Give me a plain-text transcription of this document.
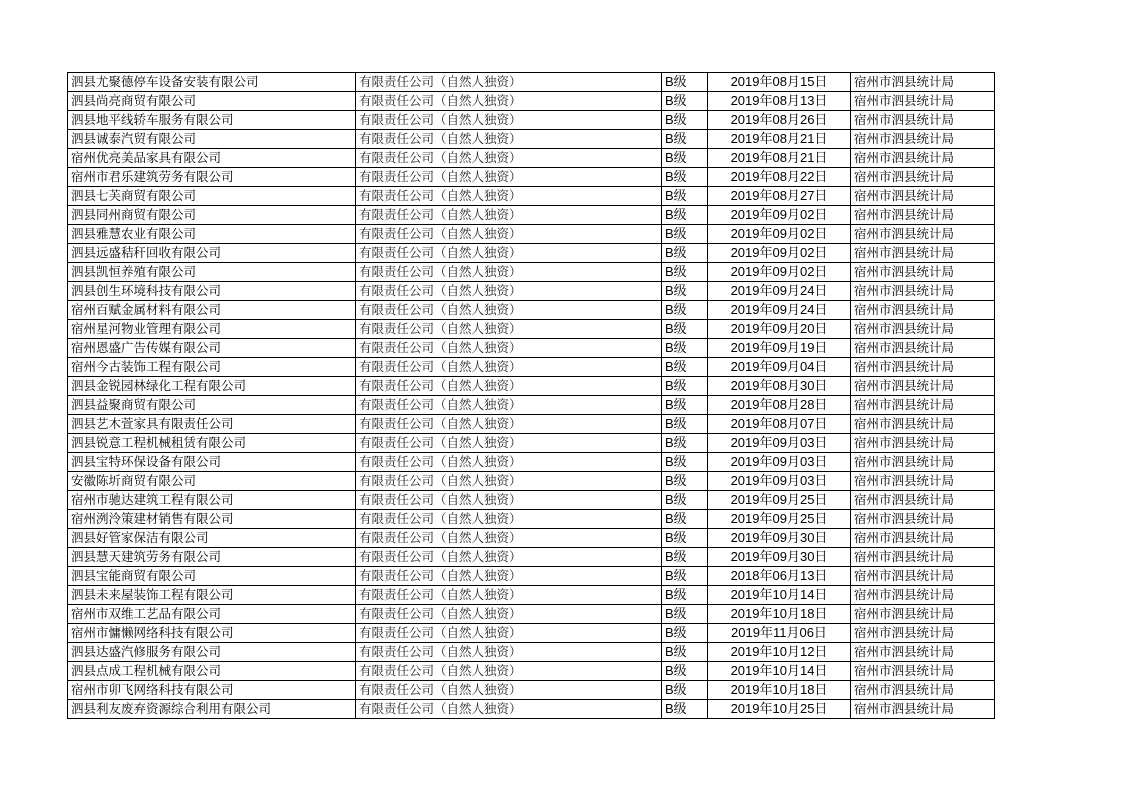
泗县尤聚德停车设备安装有限公司	有限责任公司（自然人独资）	B级	2019年08月15日	宿州市泗县统计局
泗县尚亮商贸有限公司	有限责任公司（自然人独资）	B级	2019年08月13日	宿州市泗县统计局
泗县地平线轿车服务有限公司	有限责任公司（自然人独资）	B级	2019年08月26日	宿州市泗县统计局
泗县诚泰汽贸有限公司	有限责任公司（自然人独资）	B级	2019年08月21日	宿州市泗县统计局
宿州优亮美品家具有限公司	有限责任公司（自然人独资）	B级	2019年08月21日	宿州市泗县统计局
宿州市君乐建筑劳务有限公司	有限责任公司（自然人独资）	B级	2019年08月22日	宿州市泗县统计局
泗县七芙商贸有限公司	有限责任公司（自然人独资）	B级	2019年08月27日	宿州市泗县统计局
泗县同州商贸有限公司	有限责任公司（自然人独资）	B级	2019年09月02日	宿州市泗县统计局
泗县雅慧农业有限公司	有限责任公司（自然人独资）	B级	2019年09月02日	宿州市泗县统计局
泗县远盛秸秆回收有限公司	有限责任公司（自然人独资）	B级	2019年09月02日	宿州市泗县统计局
泗县凯恒养殖有限公司	有限责任公司（自然人独资）	B级	2019年09月02日	宿州市泗县统计局
泗县创生环境科技有限公司	有限责任公司（自然人独资）	B级	2019年09月24日	宿州市泗县统计局
宿州百赋金属材料有限公司	有限责任公司（自然人独资）	B级	2019年09月24日	宿州市泗县统计局
宿州星河物业管理有限公司	有限责任公司（自然人独资）	B级	2019年09月20日	宿州市泗县统计局
宿州恩盛广告传媒有限公司	有限责任公司（自然人独资）	B级	2019年09月19日	宿州市泗县统计局
宿州今古装饰工程有限公司	有限责任公司（自然人独资）	B级	2019年09月04日	宿州市泗县统计局
泗县金锐园林绿化工程有限公司	有限责任公司（自然人独资）	B级	2019年08月30日	宿州市泗县统计局
泗县益聚商贸有限公司	有限责任公司（自然人独资）	B级	2019年08月28日	宿州市泗县统计局
泗县艺木萱家具有限责任公司	有限责任公司（自然人独资）	B级	2019年08月07日	宿州市泗县统计局
泗县锐意工程机械租赁有限公司	有限责任公司（自然人独资）	B级	2019年09月03日	宿州市泗县统计局
泗县宝特环保设备有限公司	有限责任公司（自然人独资）	B级	2019年09月03日	宿州市泗县统计局
安徽陈圻商贸有限公司	有限责任公司（自然人独资）	B级	2019年09月03日	宿州市泗县统计局
宿州市驰达建筑工程有限公司	有限责任公司（自然人独资）	B级	2019年09月25日	宿州市泗县统计局
宿州洌泠策建材销售有限公司	有限责任公司（自然人独资）	B级	2019年09月25日	宿州市泗县统计局
泗县好管家保洁有限公司	有限责任公司（自然人独资）	B级	2019年09月30日	宿州市泗县统计局
泗县慧天建筑劳务有限公司	有限责任公司（自然人独资）	B级	2019年09月30日	宿州市泗县统计局
泗县宝能商贸有限公司	有限责任公司（自然人独资）	B级	2018年06月13日	宿州市泗县统计局
泗县未来屋装饰工程有限公司	有限责任公司（自然人独资）	B级	2019年10月14日	宿州市泗县统计局
宿州市双维工艺品有限公司	有限责任公司（自然人独资）	B级	2019年10月18日	宿州市泗县统计局
宿州市慵懒网络科技有限公司	有限责任公司（自然人独资）	B级	2019年11月06日	宿州市泗县统计局
泗县达盛汽修服务有限公司	有限责任公司（自然人独资）	B级	2019年10月12日	宿州市泗县统计局
泗县点成工程机械有限公司	有限责任公司（自然人独资）	B级	2019年10月14日	宿州市泗县统计局
宿州市卯飞网络科技有限公司	有限责任公司（自然人独资）	B级	2019年10月18日	宿州市泗县统计局
泗县利友废弃资源综合利用有限公司	有限责任公司（自然人独资）	B级	2019年10月25日	宿州市泗县统计局
